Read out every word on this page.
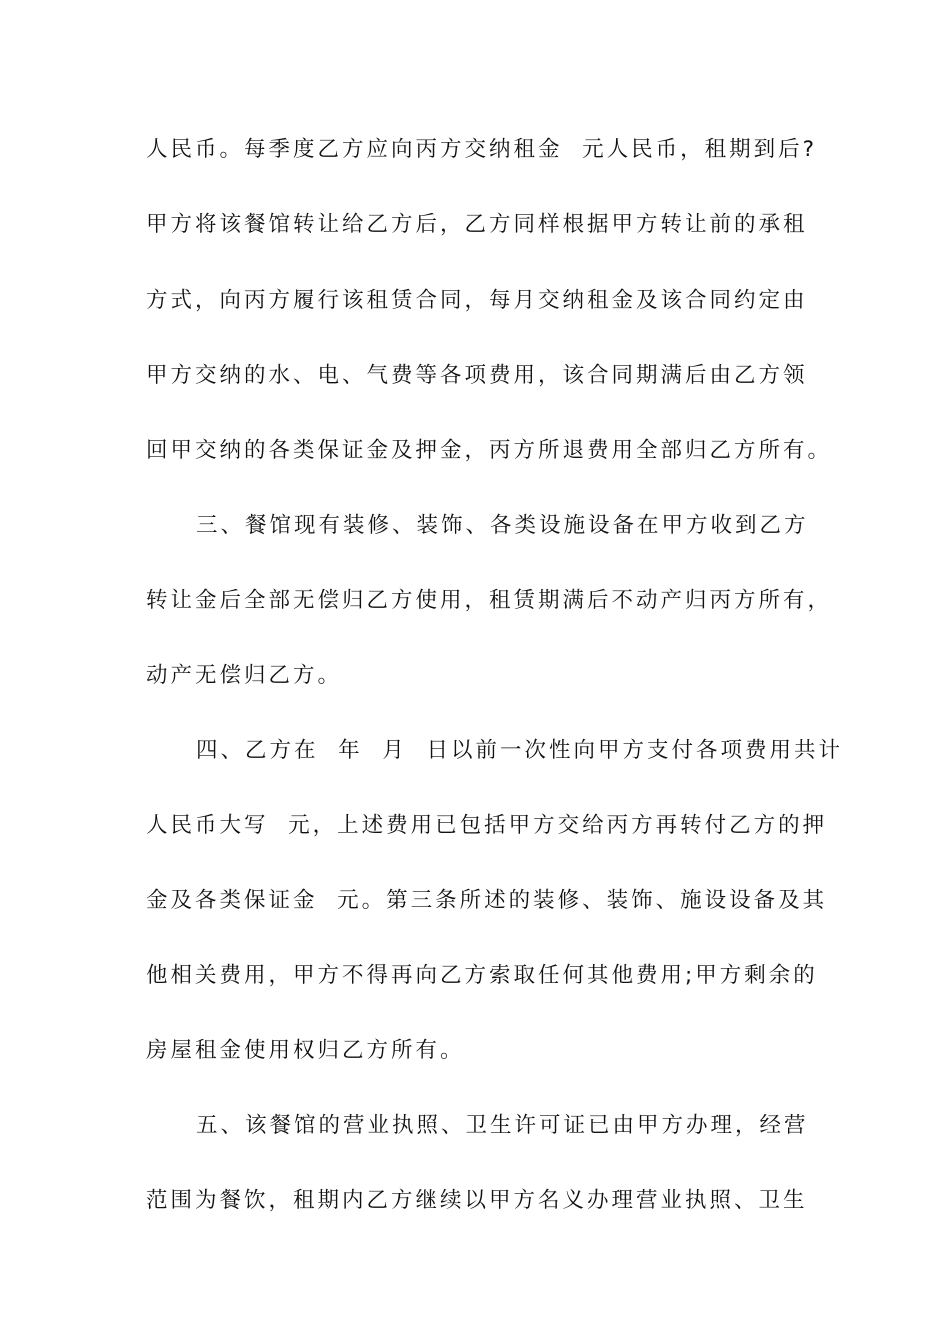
人民币。每季度乙方应向丙方交纳租金  元人民币，租期到后?
甲方将该餐馆转让给乙方后，乙方同样根据甲方转让前的承租
方式，向丙方履行该租赁合同，每月交纳租金及该合同约定由
甲方交纳的水、电、气费等各项费用，该合同期满后由乙方领
回甲交纳的各类保证金及押金，丙方所退费用全部归乙方所有。
三、餐馆现有装修、装饰、各类设施设备在甲方收到乙方
转让金后全部无偿归乙方使用，租赁期满后不动产归丙方所有，
动产无偿归乙方。
四、乙方在  年  月  日以前一次性向甲方支付各项费用共计
人民币大写  元，上述费用已包括甲方交给丙方再转付乙方的押
金及各类保证金  元。第三条所述的装修、装饰、施设设备及其
他相关费用，甲方不得再向乙方索取任何其他费用;甲方剩余的
房屋租金使用权归乙方所有。
五、该餐馆的营业执照、卫生许可证已由甲方办理，经营
范围为餐饮，租期内乙方继续以甲方名义办理营业执照、卫生
